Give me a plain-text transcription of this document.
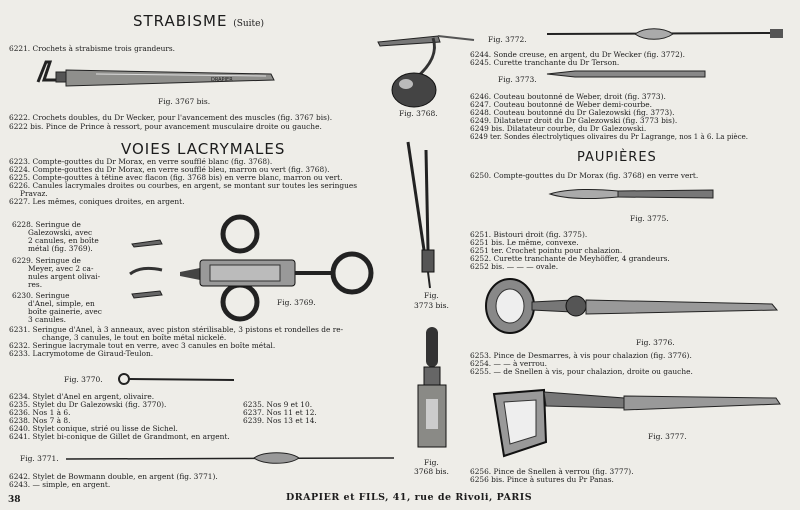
STRABISME (Suite)
6221. Crochets à strabisme trois grandeurs.
DRAPIER
Fig. 3767 bis.
Fig. 3768.
6222. Crochets doubles, du Dr Wecker, pour l'avancement des muscles (fig. 3767 bis).
6222 bis. Pince de Prince à ressort, pour avancement musculaire droite ou gauche.
VOIES LACRYMALES
6223. Compte-gouttes du Dr Morax, en verre soufflé blanc (fig. 3768).
6224. Compte-gouttes du Dr Morax, en verre soufflé bleu, marron ou vert (fig. 3768).
6225. Compte-gouttes à tétine avec flacon (fig. 3768 bis) en verre blanc, marron ou vert.
6226. Canules lacrymales droites ou courbes, en argent, se montant sur toutes les seringues
Pravaz.
6227. Les mêmes, coniques droites, en argent.
6228. Seringue de
Galezowski, avec
2 canules, en boîte
métal (fig. 3769).
6229. Seringue de
Meyer, avec 2 ca-
nules argent olivai-
res.
6230. Seringue
d'Anel, simple, en
boîte gainerie, avec
3 canules.
Fig. 3769.
Fig.
3773 bis.
6231. Seringue d'Anel, à 3 anneaux, avec piston stérilisable, 3 pistons et rondelles de re-
change, 3 canules, le tout en boîte métal nickelé.
6232. Seringue lacrymale tout en verre, avec 3 canules en boîte métal.
6233. Lacrymotome de Giraud-Teulon.
Fig. 3770.
Fig.
3768 bis.
6234. Stylet d'Anel en argent, olivaire.
6235. Stylet du Dr Galezowski (fig. 3770).
6236. Nos 1 à 6.
6238. Nos 7 à 8.
6240. Stylet conique, strié ou lisse de Sichel.
6241. Stylet bi-conique de Gillet de Grandmont, en argent.
6235. Nos 9 et 10.
6237. Nos 11 et 12.
6239. Nos 13 et 14.
Fig. 3771.
6242. Stylet de Bowmann double, en argent (fig. 3771).
6243. — simple, en argent.
38	DRAPIER et FILS, 41, rue de Rivoli, PARIS
Fig. 3772.
6244. Sonde creuse, en argent, du Dr Wecker (fig. 3772).
6245. Curette tranchante du Dr Terson.
Fig. 3773.
6246. Couteau boutonné de Weber, droit (fig. 3773).
6247. Couteau boutonné de Weber demi-courbe.
6248. Couteau boutonné du Dr Galezowski (fig. 3773).
6249. Dilatateur droit du Dr Galezowski (fig. 3773 bis).
6249 bis. Dilatateur courbe, du Dr Galezowski.
6249 ter. Sondes électrolytiques olivaires du Pr Lagrange, nos 1 à 6. La pièce.
PAUPIÈRES
6250. Compte-gouttes du Dr Morax (fig. 3768) en verre vert.
Fig. 3775.
6251. Bistouri droit (fig. 3775).
6251 bis. Le même, convexe.
6251 ter. Crochet pointu pour chalazion.
6252. Curette tranchante de Meyhöffer, 4 grandeurs.
6252 bis. — — — ovale.
Fig. 3776.
6253. Pince de Desmarres, à vis pour chalazion (fig. 3776).
6254. — — à verrou.
6255. — de Snellen à vis, pour chalazion, droite ou gauche.
Fig. 3777.
6256. Pince de Snellen à verrou (fig. 3777).
6256 bis. Pince à sutures du Pr Panas.
